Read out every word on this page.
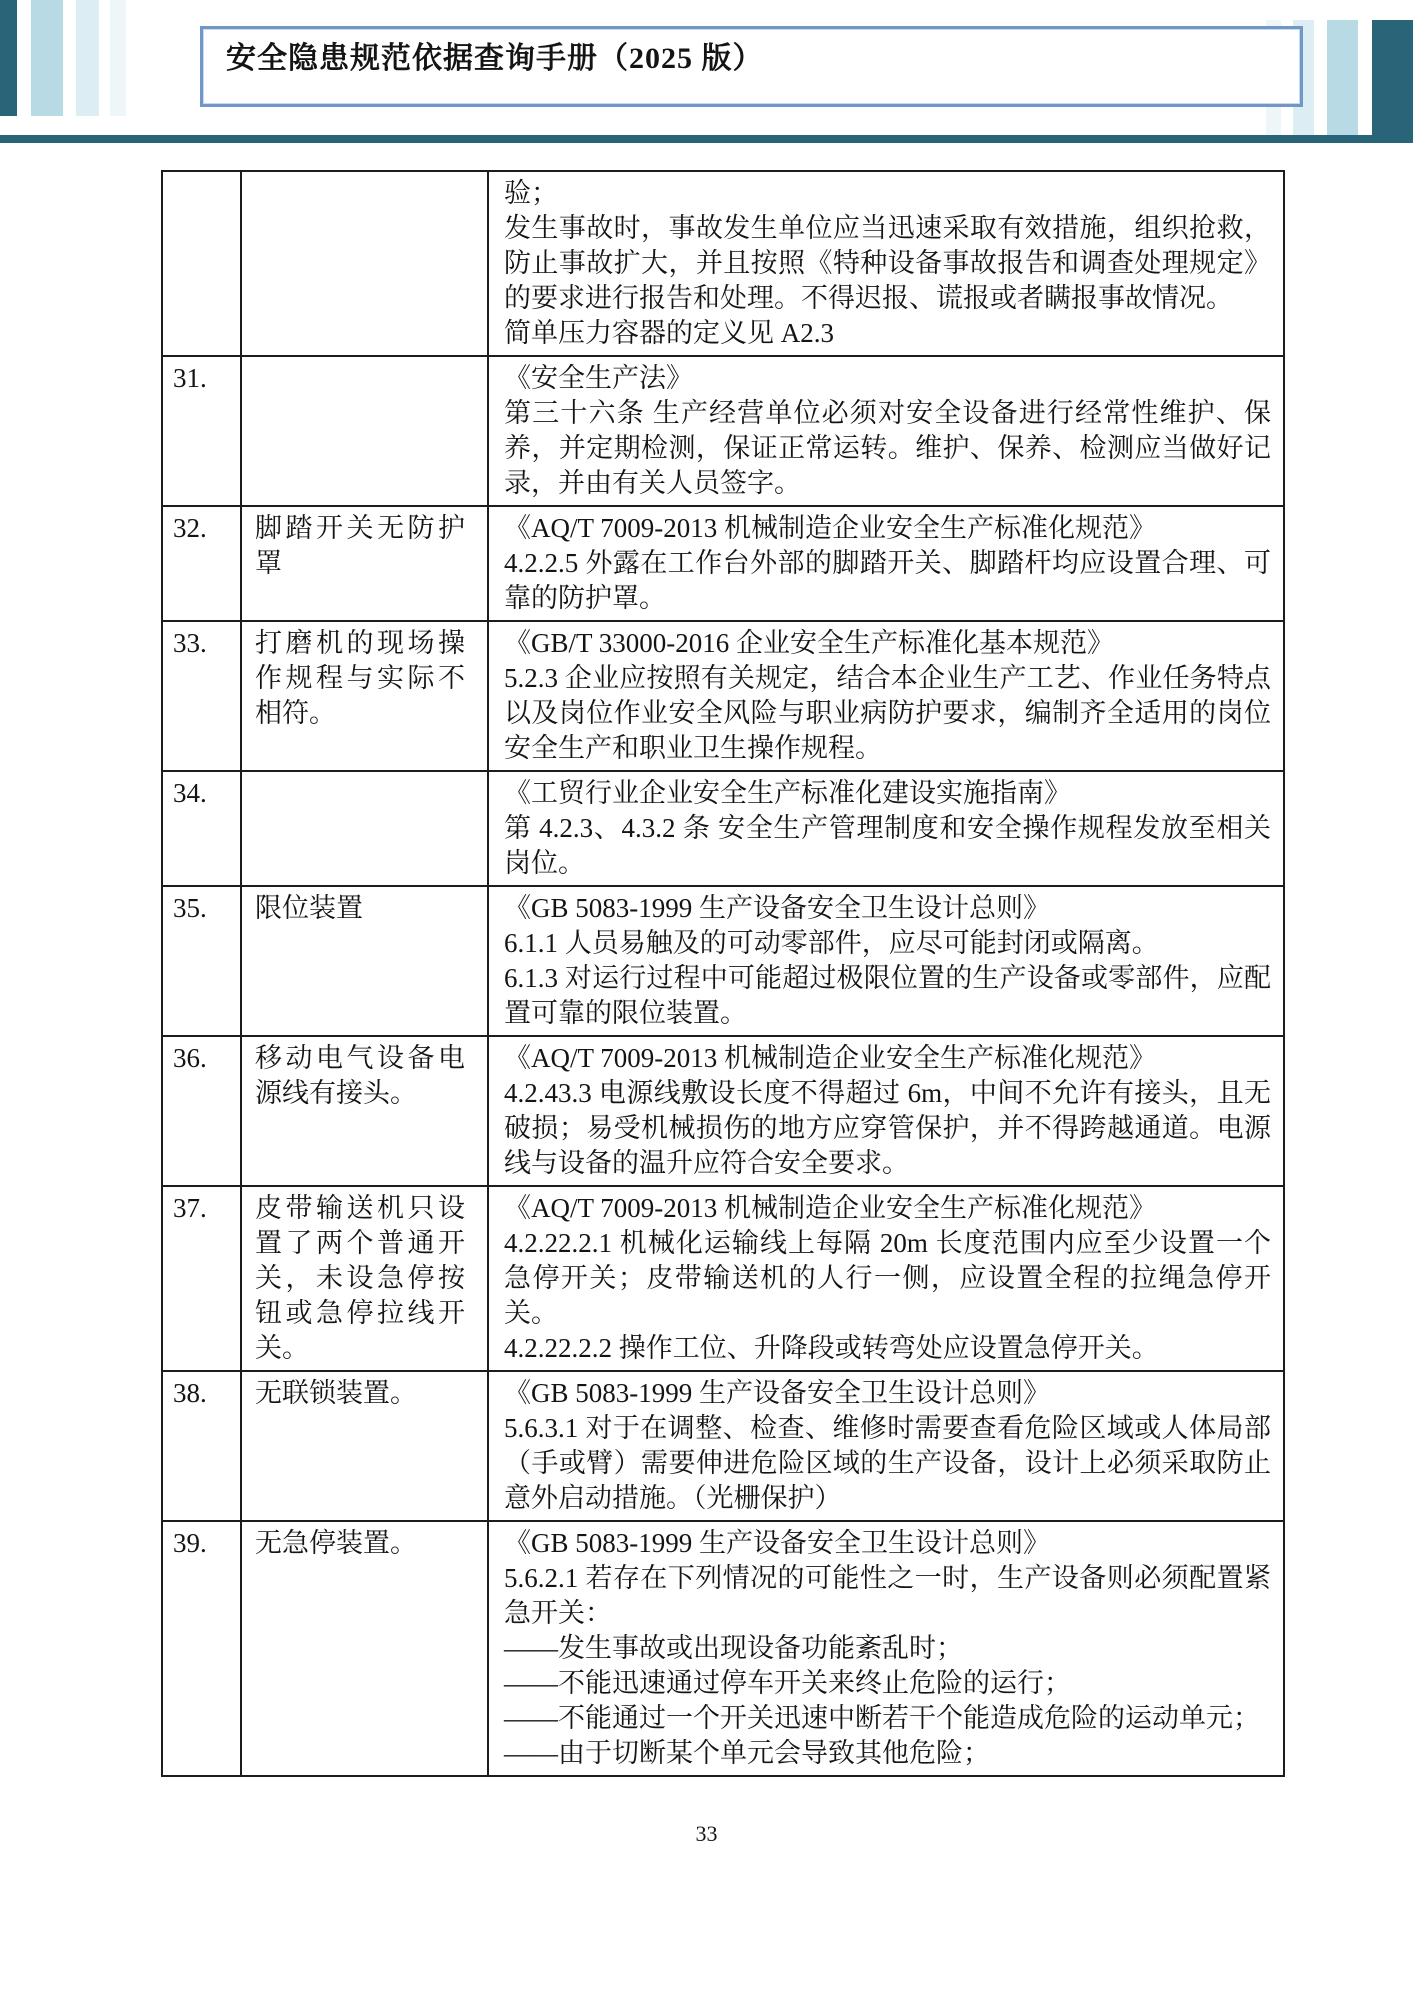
安全隐患规范依据查询手册（2025 版）

		验；
发生事故时，事故发生单位应当迅速采取有效措施，组织抢救，防止事故扩大，并且按照《特种设备事故报告和调查处理规定》的要求进行报告和处理。不得迟报、谎报或者瞒报事故情况。
简单压力容器的定义见 A2.3

31.		《安全生产法》
第三十六条 生产经营单位必须对安全设备进行经常性维护、保养，并定期检测，保证正常运转。维护、保养、检测应当做好记录，并由有关人员签字。

32.	脚踏开关无防护罩	《AQ/T 7009-2013 机械制造企业安全生产标准化规范》
4.2.2.5 外露在工作台外部的脚踏开关、脚踏杆均应设置合理、可靠的防护罩。

33.	打磨机的现场操作规程与实际不相符。	《GB/T 33000-2016 企业安全生产标准化基本规范》
5.2.3 企业应按照有关规定，结合本企业生产工艺、作业任务特点以及岗位作业安全风险与职业病防护要求，编制齐全适用的岗位安全生产和职业卫生操作规程。

34.		《工贸行业企业安全生产标准化建设实施指南》
第 4.2.3、4.3.2 条 安全生产管理制度和安全操作规程发放至相关岗位。

35.	限位装置	《GB 5083-1999 生产设备安全卫生设计总则》
6.1.1 人员易触及的可动零部件，应尽可能封闭或隔离。
6.1.3 对运行过程中可能超过极限位置的生产设备或零部件，应配置可靠的限位装置。

36.	移动电气设备电源线有接头。	《AQ/T 7009-2013 机械制造企业安全生产标准化规范》
4.2.43.3 电源线敷设长度不得超过 6m，中间不允许有接头，且无破损；易受机械损伤的地方应穿管保护，并不得跨越通道。电源线与设备的温升应符合安全要求。

37.	皮带输送机只设置了两个普通开关，未设急停按钮或急停拉线开关。	《AQ/T 7009-2013 机械制造企业安全生产标准化规范》
4.2.22.2.1 机械化运输线上每隔 20m 长度范围内应至少设置一个急停开关；皮带输送机的人行一侧，应设置全程的拉绳急停开关。
4.2.22.2.2 操作工位、升降段或转弯处应设置急停开关。

38.	无联锁装置。	《GB 5083-1999 生产设备安全卫生设计总则》
5.6.3.1 对于在调整、检查、维修时需要查看危险区域或人体局部（手或臂）需要伸进危险区域的生产设备，设计上必须采取防止意外启动措施。（光栅保护）

39.	无急停装置。	《GB 5083-1999 生产设备安全卫生设计总则》
5.6.2.1 若存在下列情况的可能性之一时，生产设备则必须配置紧急开关：
——发生事故或出现设备功能紊乱时；
——不能迅速通过停车开关来终止危险的运行；
——不能通过一个开关迅速中断若干个能造成危险的运动单元；
——由于切断某个单元会导致其他危险；
33
